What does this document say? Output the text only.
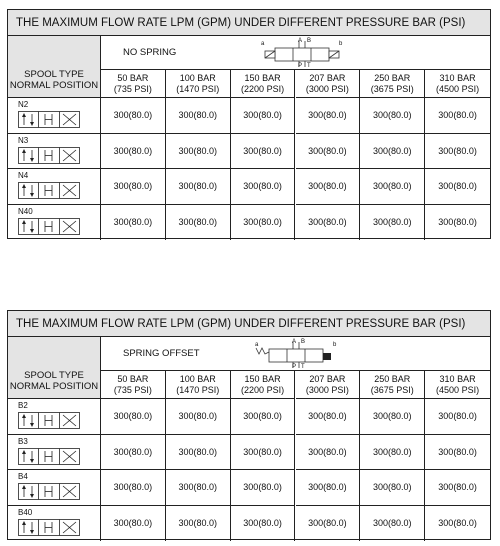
THE MAXIMUM FLOW RATE LPM (GPM) UNDER DIFFERENT PRESSURE BAR (PSI)
SPOOL TYPE
NORMAL POSITION
NO SPRING
a	A B
P T
b
50 BAR
(735 PSI)
100 BAR
(1470 PSI)
150 BAR
(2200 PSI)
207 BAR
(3000 PSI)
250 BAR
(3675 PSI)
310 BAR
(4500 PSI)
N2
300(80.0)	300(80.0)	300(80.0)	300(80.0)	300(80.0)	300(80.0)
N3
300(80.0)	300(80.0)	300(80.0)	300(80.0)	300(80.0)	300(80.0)
N4
300(80.0)	300(80.0)	300(80.0)	300(80.0)	300(80.0)	300(80.0)
N40
300(80.0)	300(80.0)	300(80.0)	300(80.0)	300(80.0)	300(80.0)
THE MAXIMUM FLOW RATE LPM (GPM) UNDER DIFFERENT PRESSURE BAR (PSI)
SPOOL TYPE
NORMAL POSITION
SPRING OFFSET
a	A B
P T
b
50 BAR
(735 PSI)
100 BAR
(1470 PSI)
150 BAR
(2200 PSI)
207 BAR
(3000 PSI)
250 BAR
(3675 PSI)
310 BAR
(4500 PSI)
B2
300(80.0)	300(80.0)	300(80.0)	300(80.0)	300(80.0)	300(80.0)
B3
300(80.0)	300(80.0)	300(80.0)	300(80.0)	300(80.0)	300(80.0)
B4
300(80.0)	300(80.0)	300(80.0)	300(80.0)	300(80.0)	300(80.0)
B40
300(80.0)	300(80.0)	300(80.0)	300(80.0)	300(80.0)	300(80.0)
